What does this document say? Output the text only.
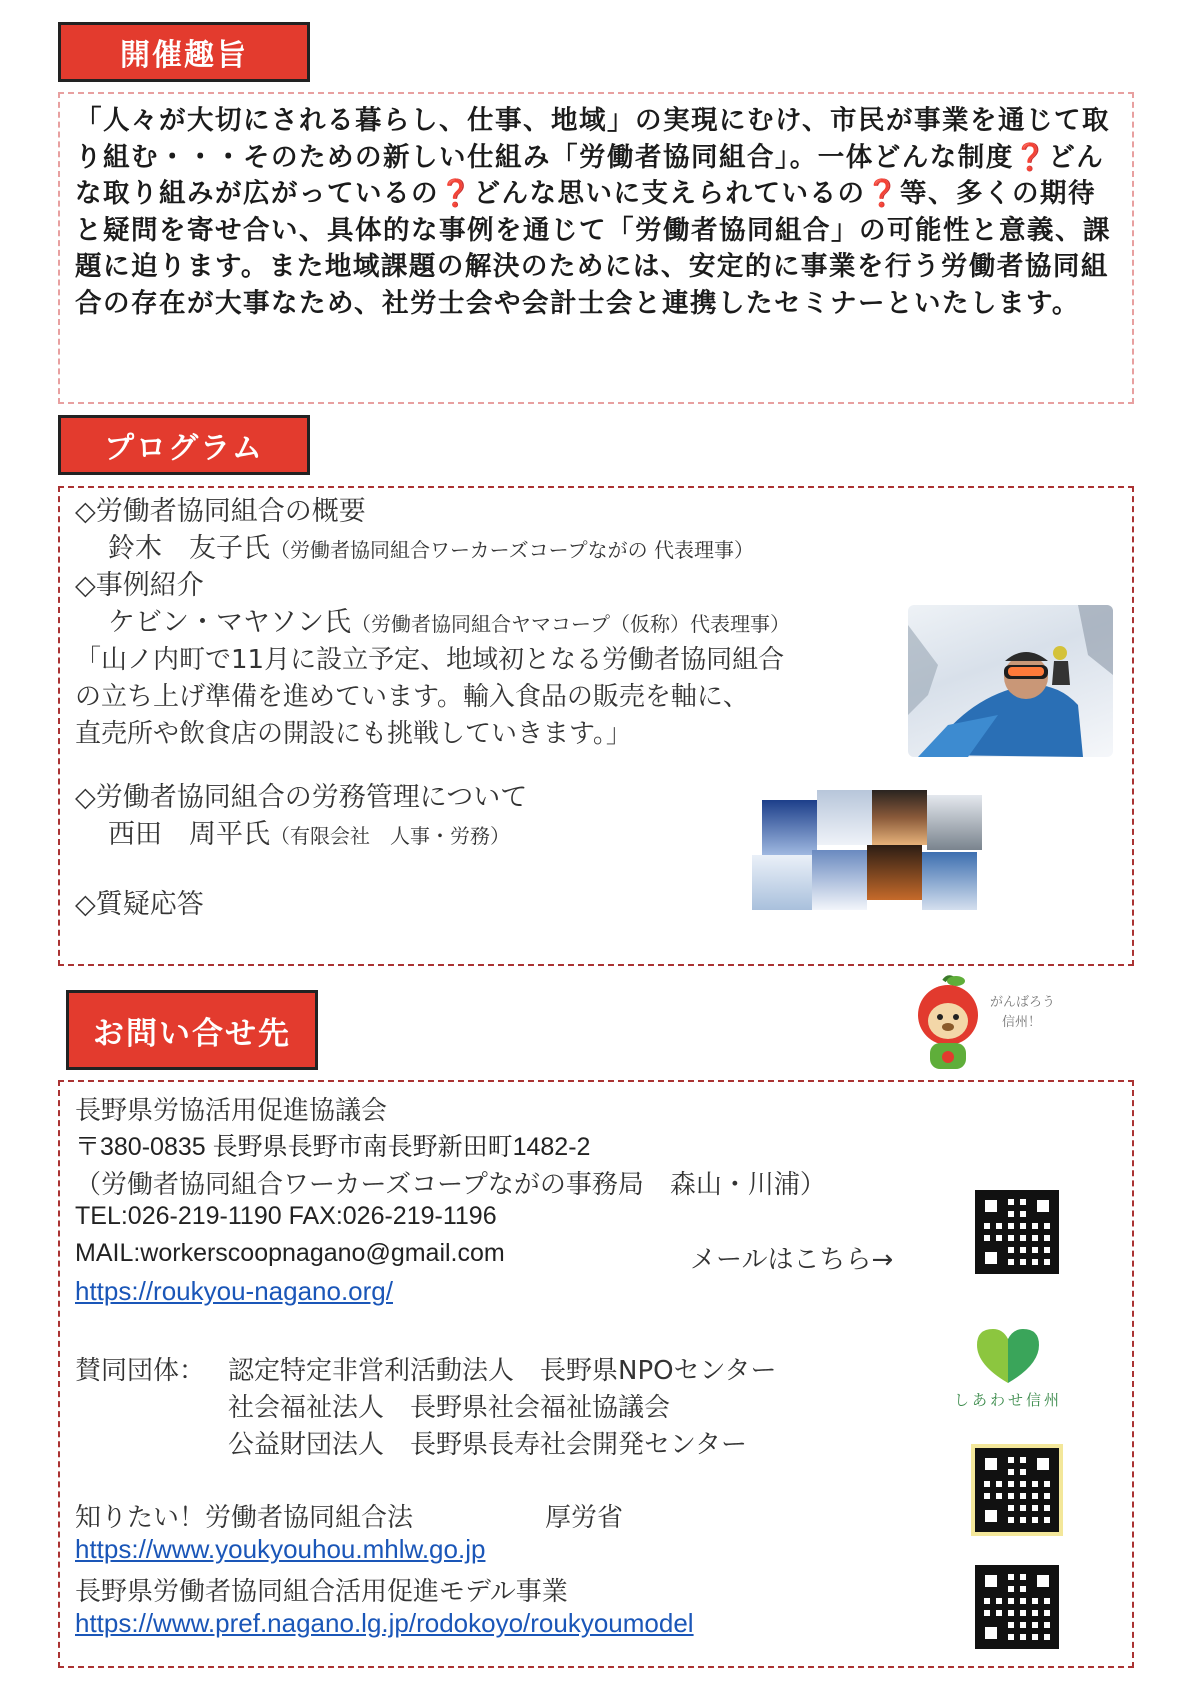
開催趣旨
「人々が大切にされる暮らし、仕事、地域」の実現にむけ、市民が事業を通じて取り組む・・・そのための新しい仕組み「労働者協同組合」。一体どんな制度❓どんな取り組みが広がっているの❓どんな思いに支えられているの❓等、多くの期待と疑問を寄せ合い、具体的な事例を通じて「労働者協同組合」の可能性と意義、課題に迫ります。また地域課題の解決のためには、安定的に事業を行う労働者協同組合の存在が大事なため、社労士会や会計士会と連携したセミナーといたします。
プログラム
◇労働者協同組合の概要
鈴木　友子氏（労働者協同組合ワーカーズコープながの 代表理事）
◇事例紹介
ケビン・マヤソン氏（労働者協同組合ヤマコープ（仮称）代表理事）
「山ノ内町で11月に設立予定、地域初となる労働者協同組合
の立ち上げ準備を進めています。輸入食品の販売を軸に、
直売所や飲食店の開設にも挑戦していきます。」
◇労働者協同組合の労務管理について
西田　周平氏（有限会社　人事・労務）
◇質疑応答
お問い合せ先
がんばろう
信州！
長野県労協活用促進協議会
〒380-0835 長野県長野市南長野新田町1482-2
（労働者協同組合ワーカーズコープながの事務局　森山・川浦）
TEL:026-219-1190 FAX:026-219-1196
MAIL:workerscoopnagano@gmail.com	メールはこちら→
https://roukyou-nagano.org/
賛同団体： 認定特定非営利活動法人　長野県NPOセンター
社会福祉法人　長野県社会福祉協議会
公益財団法人　長野県長寿社会開発センター
しあわせ信州
知りたい！労働者協同組合法	厚労省
https://www.youkyouhou.mhlw.go.jp
長野県労働者協同組合活用促進モデル事業
https://www.pref.nagano.lg.jp/rodokoyo/roukyoumodel
